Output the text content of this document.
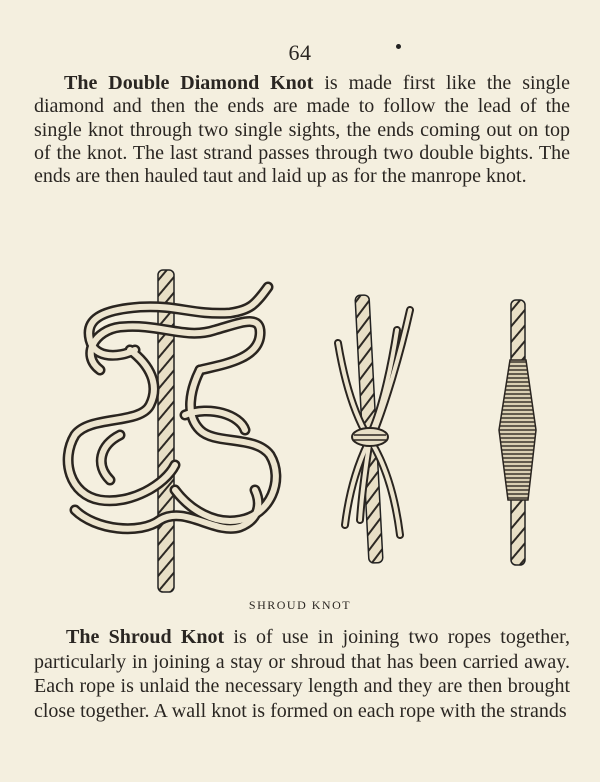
64

The Double Diamond Knot is made first like the single diamond and then the ends are made to follow the lead of the single knot through two single sights, the ends coming out on top of the knot. The last strand passes through two double bights. The ends are then hauled taut and laid up as for the manrope knot.

SHROUD KNOT

The Shroud Knot is of use in joining two ropes together, particularly in joining a stay or shroud that has been carried away. Each rope is unlaid the necessary length and they are then brought close together. A wall knot is formed on each rope with the strands
